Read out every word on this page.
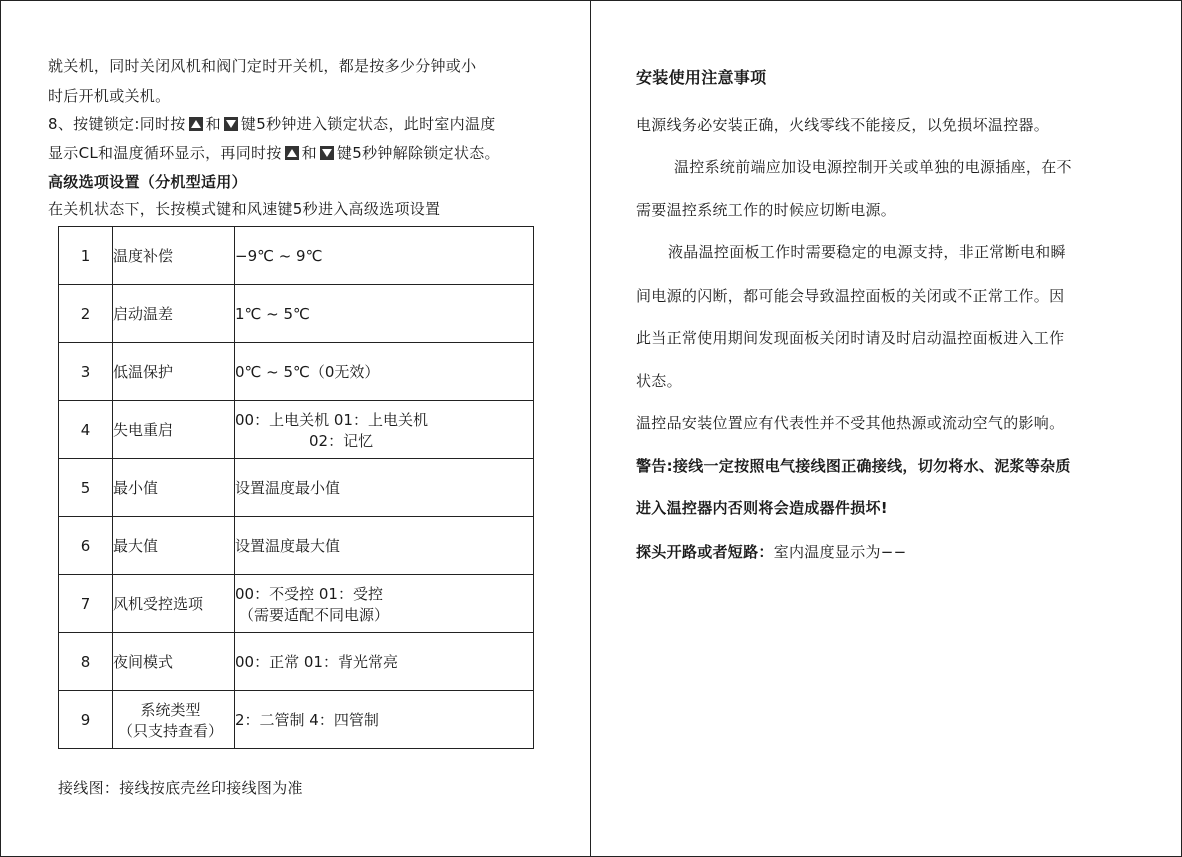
就关机，同时关闭风机和阀门定时开关机，都是按多少分钟或小
时后开机或关机。
8、按键锁定:同时按 和 键5秒钟进入锁定状态，此时室内温度
显示CL和温度循环显示，再同时按 和 键5秒钟解除锁定状态。
高级选项设置（分机型适用）
在关机状态下，长按模式键和风速键5秒进入高级选项设置
1	温度补偿	−9℃ ~ 9℃
2	启动温差	1℃ ~ 5℃
3	低温保护	0℃ ~ 5℃（0无效）
4	失电重启	00：上电关机 01：上电关机
02：记忆

5	最小值	设置温度最小值
6	最大值	设置温度最大值
7	风机受控选项	00：不受控 01：受控
（需要适配不同电源）

8	夜间模式	00：正常 01：背光常亮
9	系统类型
（只支持查看）	2：二管制 4：四管制
接线图：接线按底壳丝印接线图为准
安装使用注意事项
电源线务必安装正确，火线零线不能接反，以免损坏温控器。
温控系统前端应加设电源控制开关或单独的电源插座，在不
需要温控系统工作的时候应切断电源。
液晶温控面板工作时需要稳定的电源支持，非正常断电和瞬
间电源的闪断，都可能会导致温控面板的关闭或不正常工作。因
此当正常使用期间发现面板关闭时请及时启动温控面板进入工作
状态。
温控品安装位置应有代表性并不受其他热源或流动空气的影响。
警告:接线一定按照电气接线图正确接线，切勿将水、泥浆等杂质
进入温控器内否则将会造成器件损坏!
探头开路或者短路：室内温度显示为−−
